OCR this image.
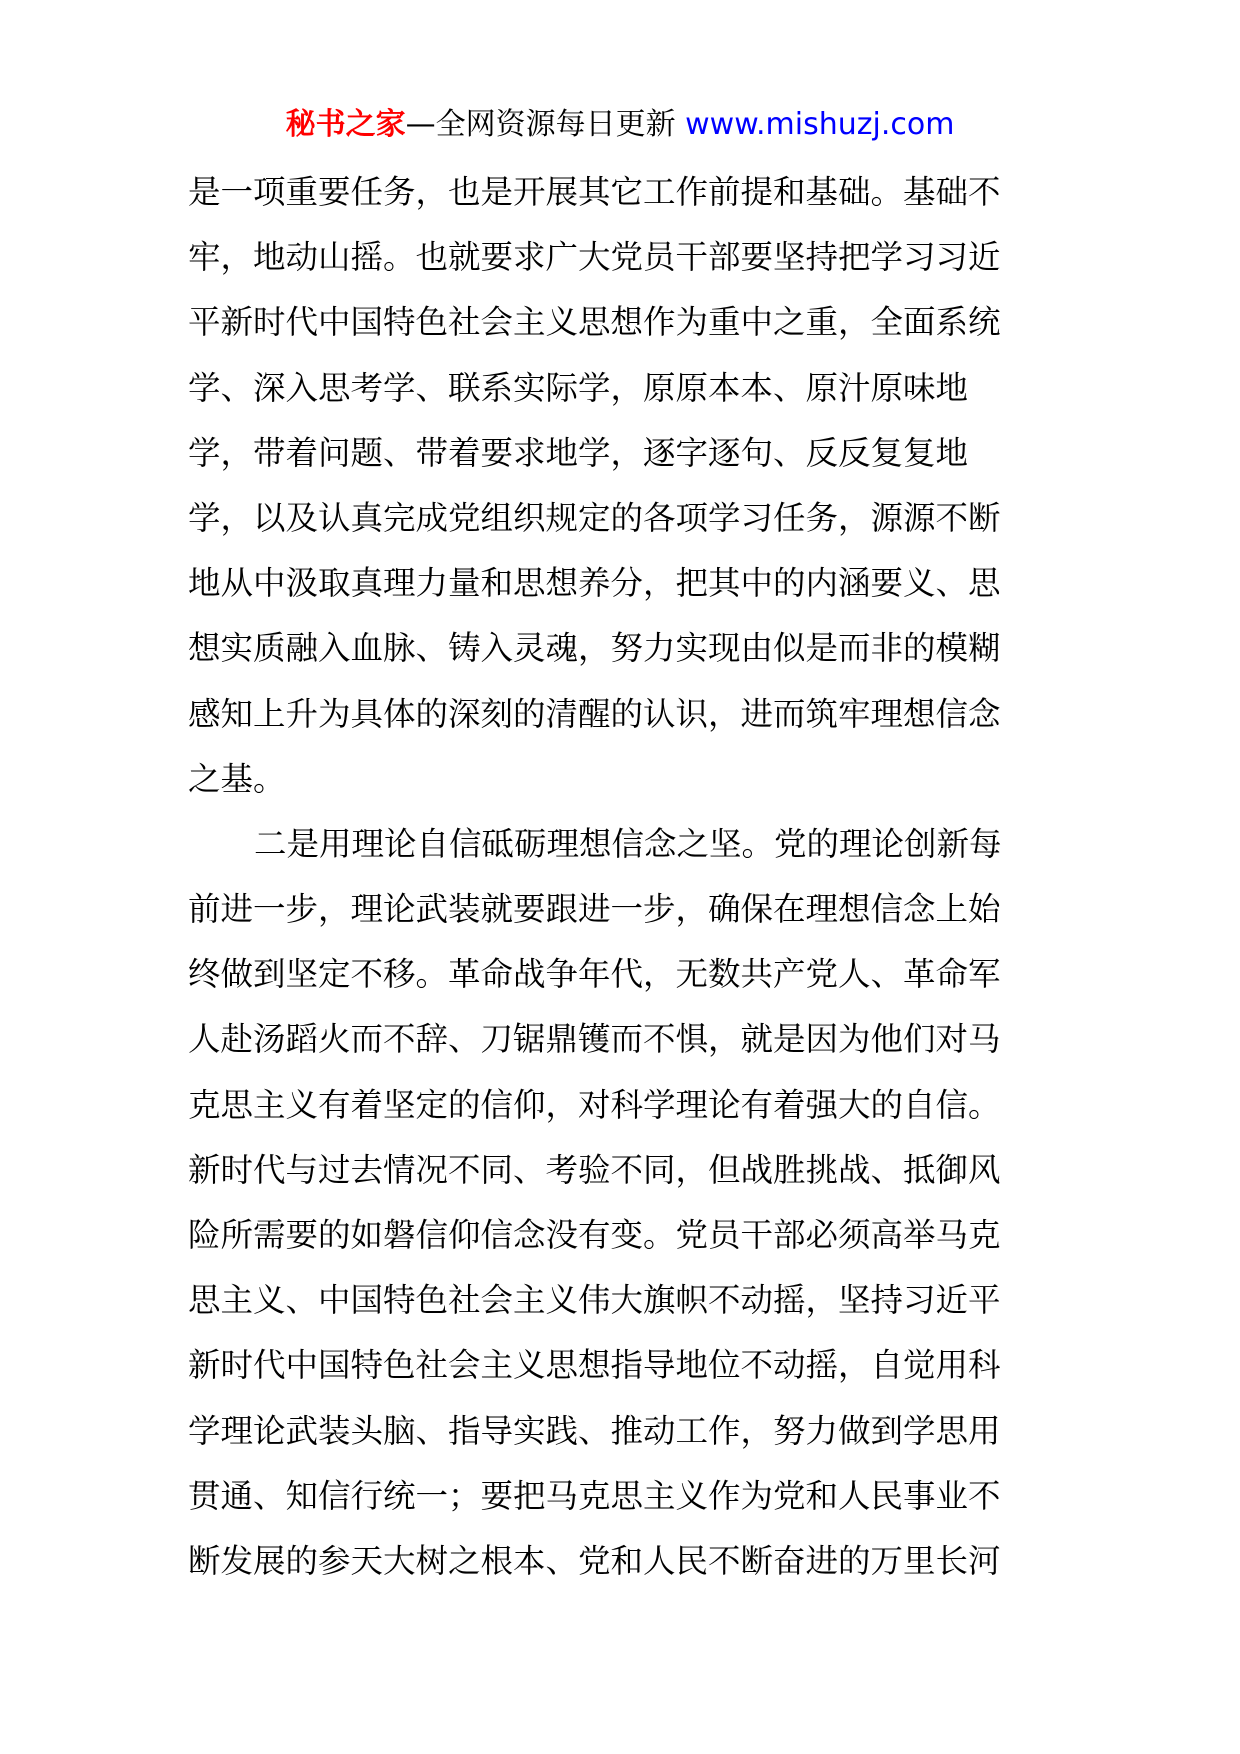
秘书之家—全网资源每日更新 www.mishuzj.com
是一项重要任务，也是开展其它工作前提和基础。基础不
牢，地动山摇。也就要求广大党员干部要坚持把学习习近
平新时代中国特色社会主义思想作为重中之重，全面系统
学、深入思考学、联系实际学，原原本本、原汁原味地
学，带着问题、带着要求地学，逐字逐句、反反复复地
学，以及认真完成党组织规定的各项学习任务，源源不断
地从中汲取真理力量和思想养分，把其中的内涵要义、思
想实质融入血脉、铸入灵魂，努力实现由似是而非的模糊
感知上升为具体的深刻的清醒的认识，进而筑牢理想信念
之基。
二是用理论自信砥砺理想信念之坚。党的理论创新每
前进一步，理论武装就要跟进一步，确保在理想信念上始
终做到坚定不移。革命战争年代，无数共产党人、革命军
人赴汤蹈火而不辞、刀锯鼎镬而不惧，就是因为他们对马
克思主义有着坚定的信仰，对科学理论有着强大的自信。
新时代与过去情况不同、考验不同，但战胜挑战、抵御风
险所需要的如磐信仰信念没有变。党员干部必须高举马克
思主义、中国特色社会主义伟大旗帜不动摇，坚持习近平
新时代中国特色社会主义思想指导地位不动摇，自觉用科
学理论武装头脑、指导实践、推动工作，努力做到学思用
贯通、知信行统一；要把马克思主义作为党和人民事业不
断发展的参天大树之根本、党和人民不断奋进的万里长河
